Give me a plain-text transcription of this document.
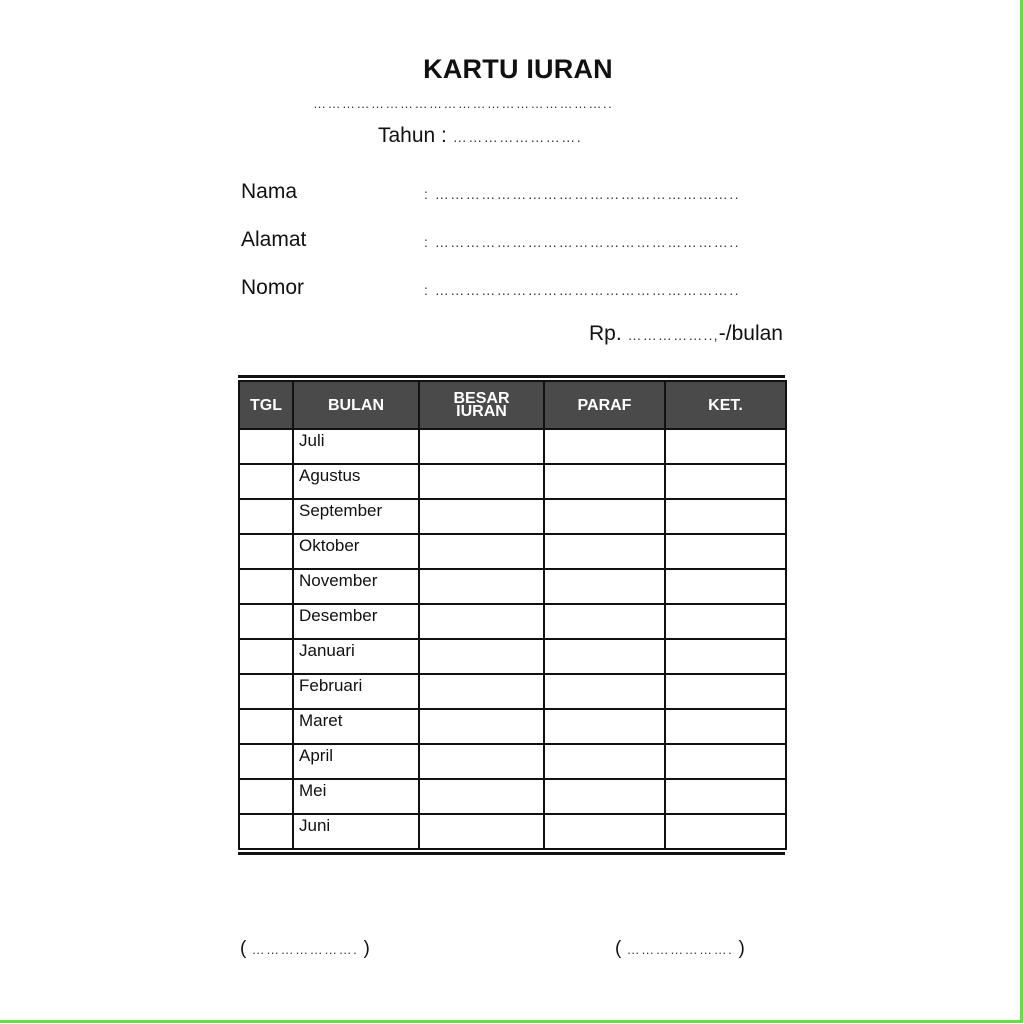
KARTU IURAN
……………………………………………………..
Tahun : …………………….
Nama	: …………………………………………………..
Alamat	: …………………………………………………..
Nomor	: …………………………………………………..
Rp. ……………..,-/bulan
TGL	BULAN	BESAR IURAN	PARAF	KET.
	Juli			
	Agustus			
	September			
	Oktober			
	November			
	Desember			
	Januari			
	Februari			
	Maret			
	April			
	Mei			
	Juni			
( …………………. )	( …………………. )
